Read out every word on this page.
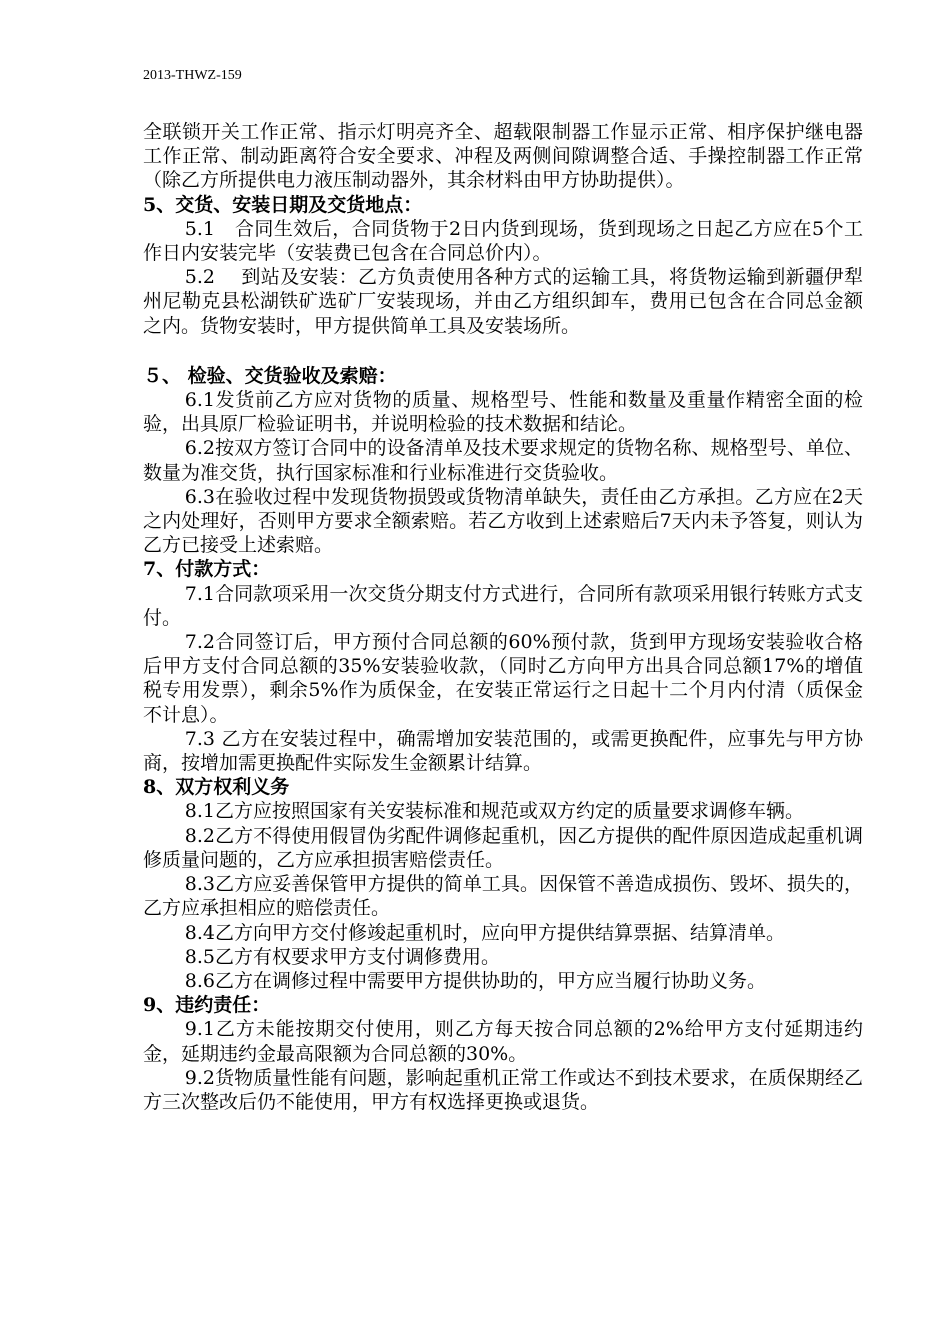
2013-THWZ-159

全联锁开关工作正常、指示灯明亮齐全、超载限制器工作显示正常、相序保护继电器工作正常、制动距离符合安全要求、冲程及两侧间隙调整合适、手操控制器工作正常（除乙方所提供电力液压制动器外，其余材料由甲方协助提供）。

5、交货、安装日期及交货地点：

5.1　合同生效后，合同货物于2日内货到现场，货到现场之日起乙方应在5个工作日内安装完毕（安装费已包含在合同总价内）。

5.2　 到站及安装：乙方负责使用各种方式的运输工具，将货物运输到新疆伊犁州尼勒克县松湖铁矿选矿厂安装现场，并由乙方组织卸车，费用已包含在合同总金额之内。货物安装时，甲方提供简单工具及安装场所。

５、 检验、交货验收及索赔：

6.1发货前乙方应对货物的质量、规格型号、性能和数量及重量作精密全面的检验，出具原厂检验证明书，并说明检验的技术数据和结论。

6.2按双方签订合同中的设备清单及技术要求规定的货物名称、规格型号、单位、数量为准交货，执行国家标准和行业标准进行交货验收。

6.3在验收过程中发现货物损毁或货物清单缺失，责任由乙方承担。乙方应在2天之内处理好，否则甲方要求全额索赔。若乙方收到上述索赔后7天内未予答复，则认为乙方已接受上述索赔。

7、付款方式：

7.1合同款项采用一次交货分期支付方式进行，合同所有款项采用银行转账方式支付。

7.2合同签订后，甲方预付合同总额的60%预付款，货到甲方现场安装验收合格后甲方支付合同总额的35%安装验收款，（同时乙方向甲方出具合同总额17%的增值税专用发票），剩余5%作为质保金，在安装正常运行之日起十二个月内付清（质保金不计息）。

7.3 乙方在安装过程中，确需增加安装范围的，或需更换配件，应事先与甲方协商，按增加需更换配件实际发生金额累计结算。

8、双方权利义务

8.1乙方应按照国家有关安装标准和规范或双方约定的质量要求调修车辆。

8.2乙方不得使用假冒伪劣配件调修起重机，因乙方提供的配件原因造成起重机调修质量问题的，乙方应承担损害赔偿责任。

8.3乙方应妥善保管甲方提供的简单工具。因保管不善造成损伤、毁坏、损失的，乙方应承担相应的赔偿责任。

8.4乙方向甲方交付修竣起重机时，应向甲方提供结算票据、结算清单。

8.5乙方有权要求甲方支付调修费用。

8.6乙方在调修过程中需要甲方提供协助的，甲方应当履行协助义务。

9、违约责任：

9.1乙方未能按期交付使用，则乙方每天按合同总额的2%给甲方支付延期违约金，延期违约金最高限额为合同总额的30%。

9.2货物质量性能有问题，影响起重机正常工作或达不到技术要求，在质保期经乙方三次整改后仍不能使用，甲方有权选择更换或退货。
